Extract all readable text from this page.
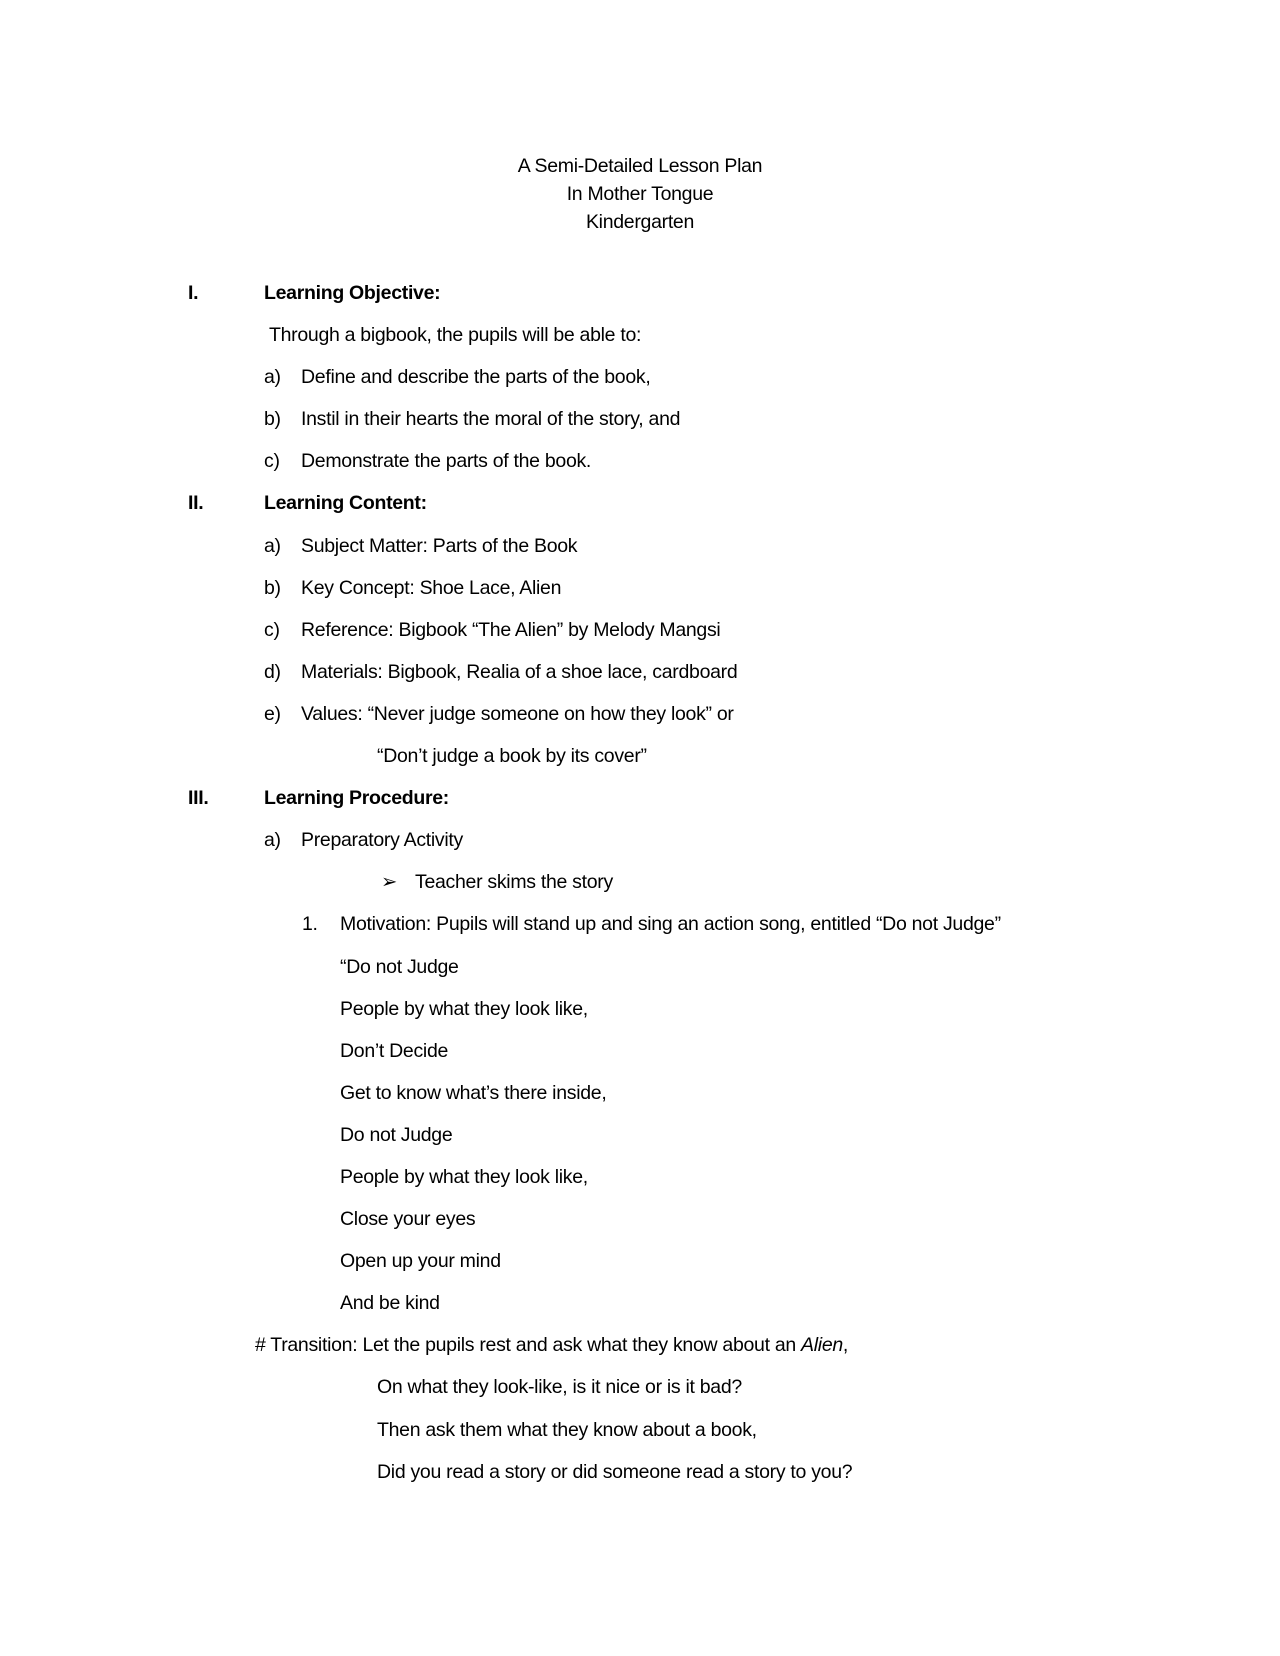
A Semi-Detailed Lesson Plan
In Mother Tongue
Kindergarten
I.	Learning Objective:
Through a bigbook, the pupils will be able to:
a) Define and describe the parts of the book,
b) Instil in their hearts the moral of the story, and
c) Demonstrate the parts of the book.
II.	Learning Content:
a) Subject Matter: Parts of the Book
b) Key Concept: Shoe Lace, Alien
c) Reference: Bigbook “The Alien” by Melody Mangsi
d) Materials: Bigbook, Realia of a shoe lace, cardboard
e) Values: “Never judge someone on how they look” or
“Don’t judge a book by its cover”
III.	Learning Procedure:
a) Preparatory Activity
➢ Teacher skims the story
1. Motivation: Pupils will stand up and sing an action song, entitled “Do not Judge”
“Do not Judge
People by what they look like,
Don’t Decide
Get to know what’s there inside,
Do not Judge
People by what they look like,
Close your eyes
Open up your mind
And be kind
# Transition: Let the pupils rest and ask what they know about an Alien,
On what they look-like, is it nice or is it bad?
Then ask them what they know about a book,
Did you read a story or did someone read a story to you?
